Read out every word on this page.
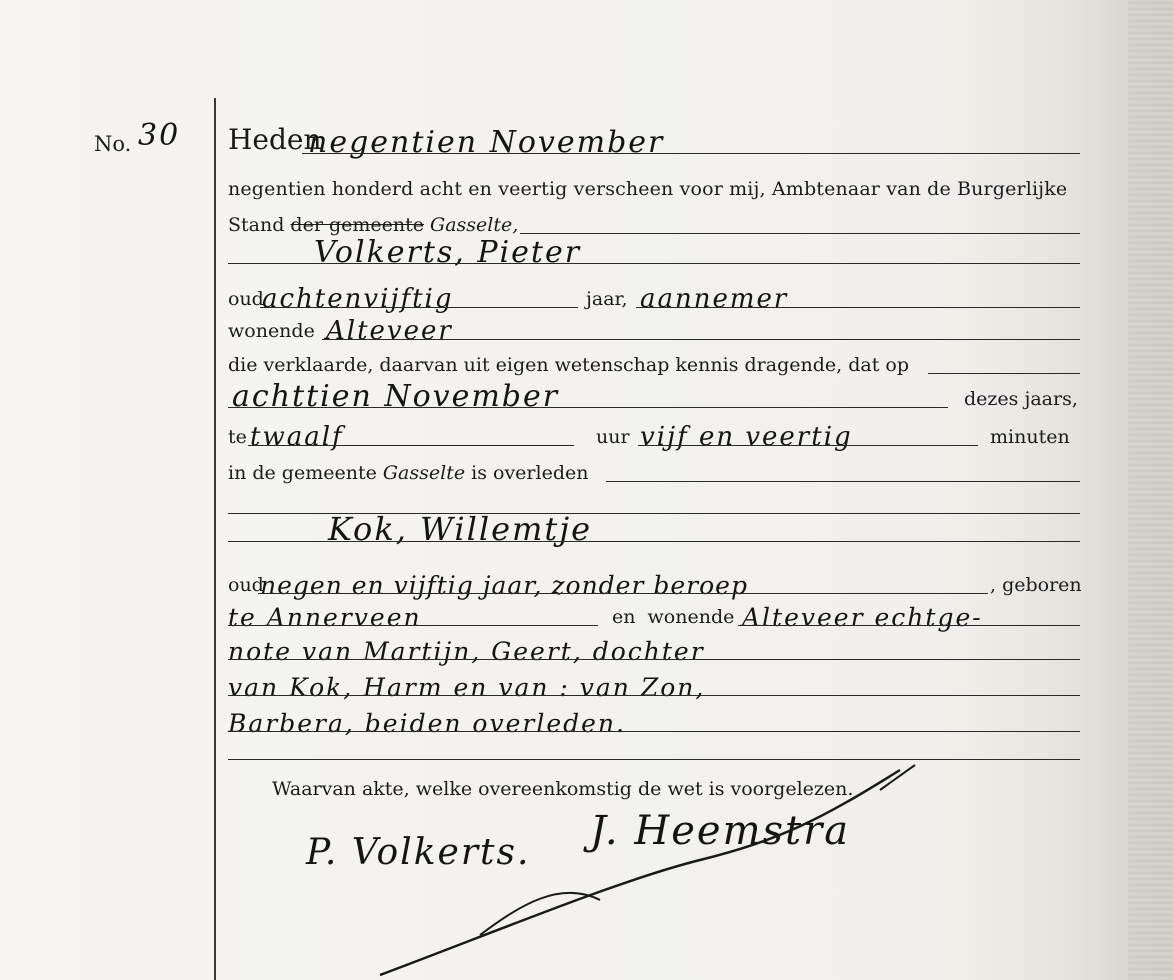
No. 30 Heden
negentien November
negentien honderd acht en veertig verscheen voor mij, Ambtenaar van de Burgerlijke
Stand der gemeente Gasselte,
Volkerts, Pieter
oud
achtenvijftig	jaar, aannemer
wonende Alteveer
die verklaarde, daarvan uit eigen wetenschap kennis dragende, dat op
achttien November	dezes jaars,
te twaalf	uur vijf en veertig	minuten
in de gemeente Gasselte is overleden
Kok, Willemtje
oud
negen en vijftig jaar, zonder beroep	, geboren
te Annerveen	en wonende Alteveer echtge-
note van Martijn, Geert, dochter
van Kok, Harm en van : van Zon,
Barbera, beiden overleden.
Waarvan akte, welke overeenkomstig de wet is voorgelezen.
P. Volkerts. J. Heemstra
